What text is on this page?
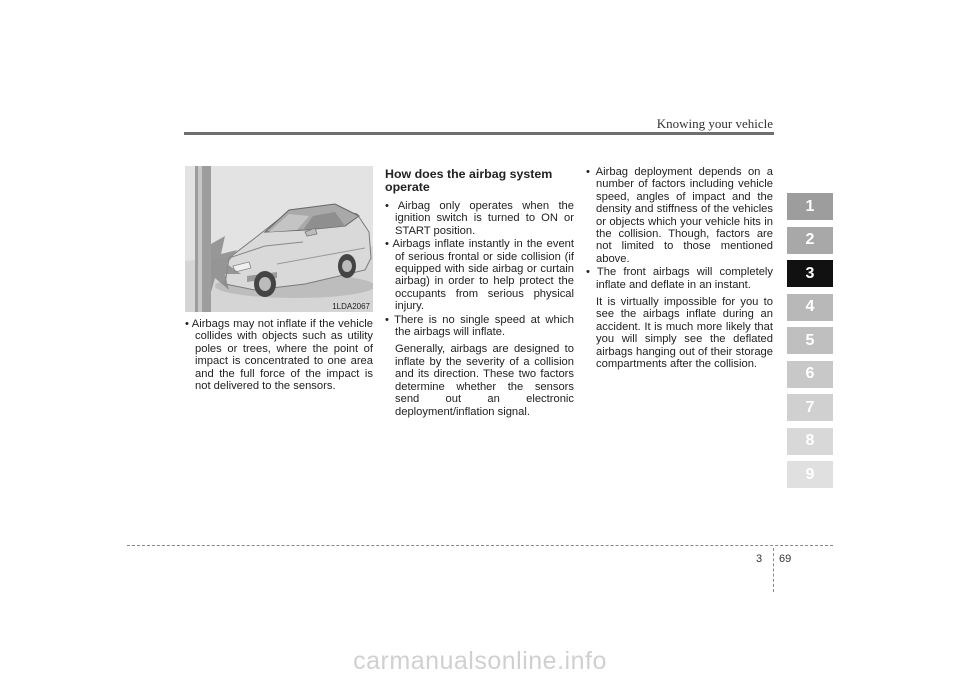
Knowing your vehicle
1LDA2067

• Airbags may not inflate if the vehicle collides with objects such as utility poles or trees, where the point of impact is concentrated to one area and the full force of the impact is not delivered to the sensors.

How does the airbag system operate

• Airbag only operates when the ignition switch is turned to ON or START position.

• Airbags inflate instantly in the event of serious frontal or side collision (if equipped with side airbag or curtain airbag) in order to help protect the occupants from serious physical injury.

• There is no single speed at which the airbags will inflate.

Generally, airbags are designed to inflate by the severity of a collision and its direction. These two factors determine whether the sensors send out an electronic deployment/inflation signal.

• Airbag deployment depends on a number of factors including vehicle speed, angles of impact and the density and stiffness of the vehicles or objects which your vehicle hits in the collision. Though, factors are not limited to those mentioned above.

• The front airbags will completely inflate and deflate in an instant.

It is virtually impossible for you to see the airbags inflate during an accident. It is much more likely that you will simply see the deflated airbags hanging out of their storage compartments after the collision.

1
2
3
4
5
6
7
8
9
3 69
carmanualsonline.info
